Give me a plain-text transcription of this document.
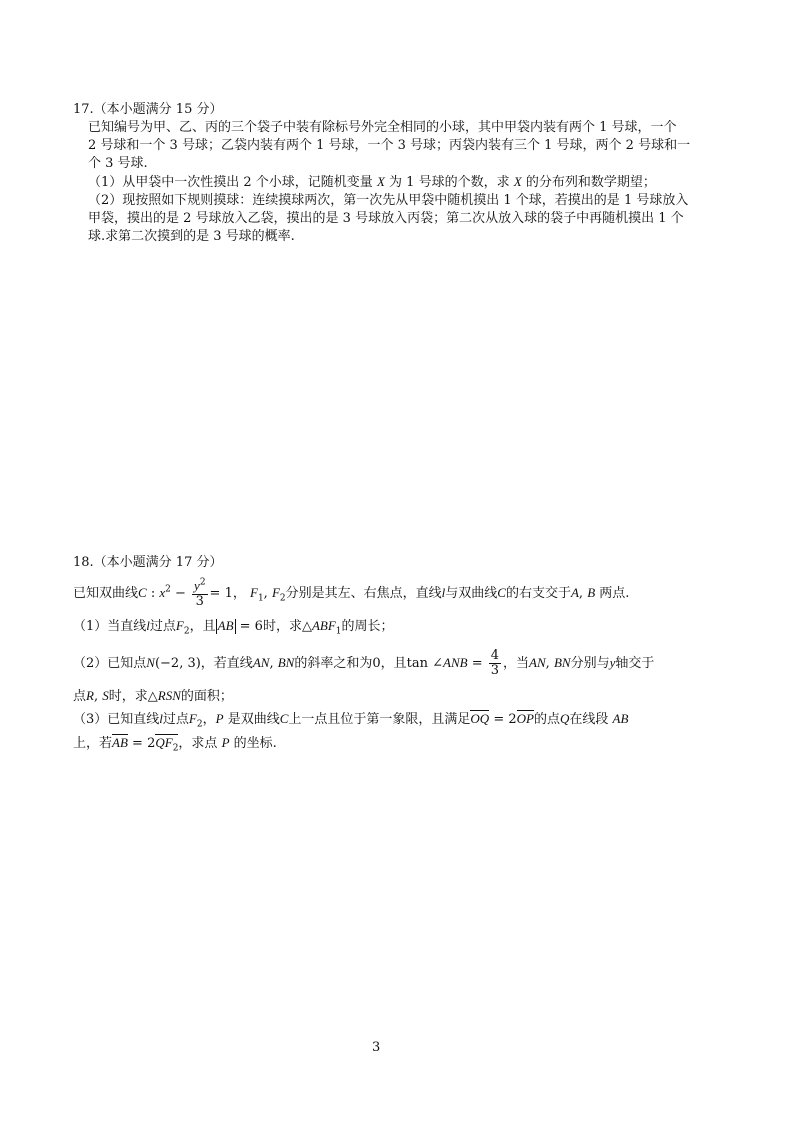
17.（本小题满分 15 分）
已知编号为甲、乙、丙的三个袋子中装有除标号外完全相同的小球，其中甲袋内装有两个 1 号球，一个
2 号球和一个 3 号球；乙袋内装有两个 1 号球，一个 3 号球；丙袋内装有三个 1 号球，两个 2 号球和一
个 3 号球.
（1）从甲袋中一次性摸出 2 个小球，记随机变量 X 为 1 号球的个数，求 X 的分布列和数学期望；
（2）现按照如下规则摸球：连续摸球两次，第一次先从甲袋中随机摸出 1 个球，若摸出的是 1 号球放入
甲袋，摸出的是 2 号球放入乙袋，摸出的是 3 号球放入丙袋；第二次从放入球的袋子中再随机摸出 1 个
球.求第二次摸到的是 3 号球的概率.
18.（本小题满分 17 分）
已知双曲线C : $x^2 - \frac{y^2}{3} = 1$， $F_1$, $F_2$分别是其左、右焦点，直线l与双曲线C的右支交于A, B 两点.
（1）当直线l过点$F_2$，且 AB = 6时，求$\triangle ABF_1$的周长；
（2）已知点N(−2, 3)，若直线AN, BN的斜率之和为0，且tan ∠ANB = $\frac{4}{3}$ ，当AN, BN分别与y轴交于
点R, S时，求△RSN的面积；
（3）已知直线l过点$F_2$，P 是双曲线C上一点且位于第一象限，且满足OQ = 2OP的点Q在线段 AB
上，若AB = $2QF_2$，求点 P 的坐标.
3
